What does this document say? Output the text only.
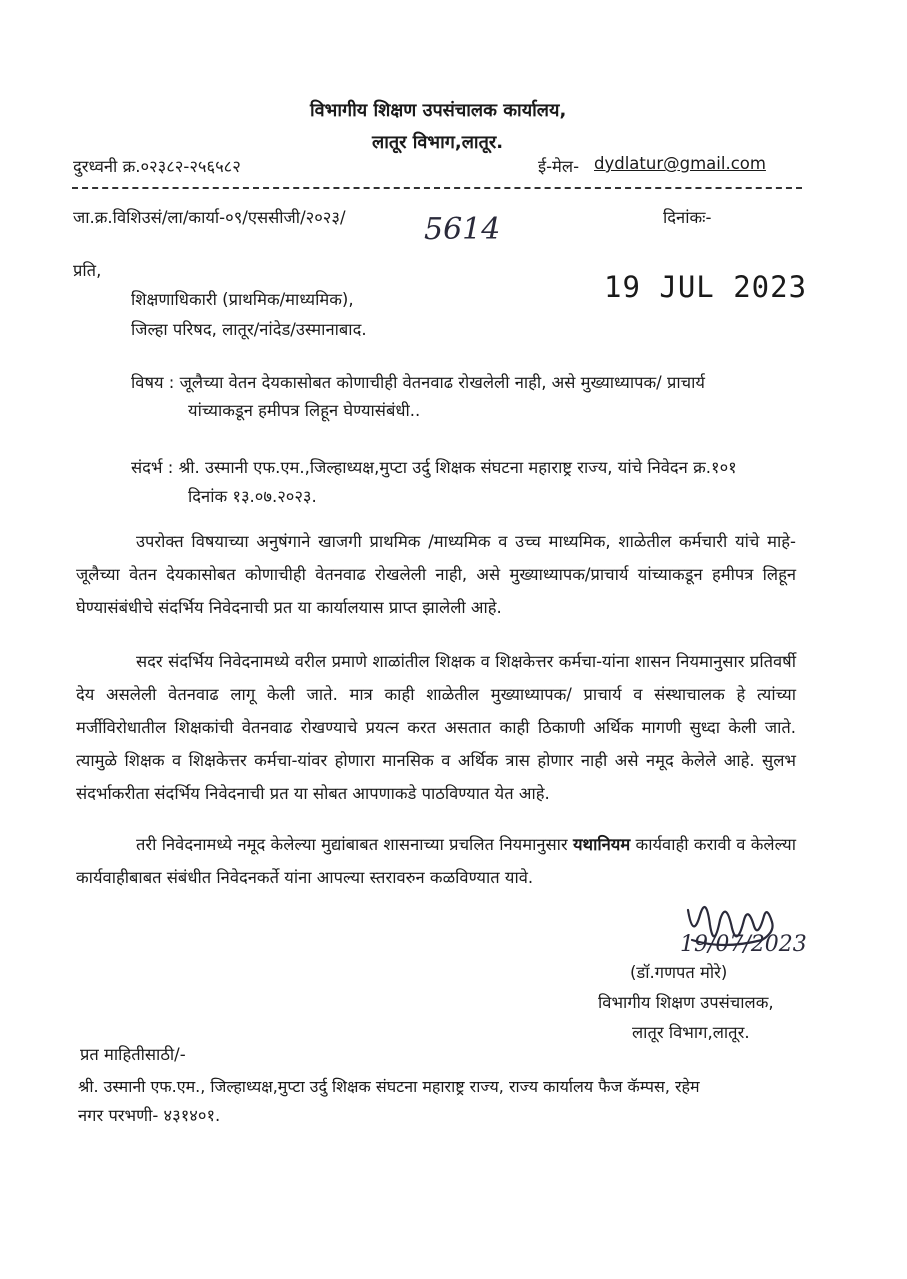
विभागीय शिक्षण उपसंचालक कार्यालय,
लातूर विभाग,लातूर.
दुरध्वनी क्र.०२३८२-२५६५८२	ई-मेल- dydlatur@gmail.com
जा.क्र.विशिउसं/ला/कार्या-०९/एससीजी/२०२३/	5614	दिनांकः-
प्रति,	19 JUL 2023
शिक्षणाधिकारी (प्राथमिक/माध्यमिक),
जिल्हा परिषद, लातूर/नांदेड/उस्मानाबाद.
विषय : जूलैच्या वेतन देयकासोबत कोणाचीही वेतनवाढ रोखलेली नाही, असे मुख्याध्यापक/ प्राचार्य
यांच्याकडून हमीपत्र लिहून घेण्यासंबंधी..
संदर्भ : श्री. उस्मानी एफ.एम.,जिल्हाध्यक्ष,मुप्टा उर्दु शिक्षक संघटना महाराष्ट्र राज्य, यांचे निवेदन क्र.१०१
दिनांक १३.०७.२०२३.
उपरोक्त विषयाच्या अनुषंगाने खाजगी प्राथमिक /माध्यमिक व उच्च माध्यमिक, शाळेतील कर्मचारी यांचे माहे-जूलैच्या वेतन देयकासोबत कोणाचीही वेतनवाढ रोखलेली नाही, असे मुख्याध्यापक/प्राचार्य यांच्याकडून हमीपत्र लिहून घेण्यासंबंधीचे संदर्भिय निवेदनाची प्रत या कार्यालयास प्राप्त झालेली आहे.
सदर संदर्भिय निवेदनामध्ये वरील प्रमाणे शाळांतील शिक्षक व शिक्षकेत्तर कर्मचा-यांना शासन नियमानुसार प्रतिवर्षी देय असलेली वेतनवाढ लागू केली जाते. मात्र काही शाळेतील मुख्याध्यापक/ प्राचार्य व संस्थाचालक हे त्यांच्या मर्जीविरोधातील शिक्षकांची वेतनवाढ रोखण्याचे प्रयत्न करत असतात काही ठिकाणी अर्थिक मागणी सुध्दा केली जाते. त्यामुळे शिक्षक व शिक्षकेत्तर कर्मचा-यांवर होणारा मानसिक व अर्थिक त्रास होणार नाही असे नमूद केलेले आहे. सुलभ संदर्भाकरीता संदर्भिय निवेदनाची प्रत या सोबत आपणाकडे पाठविण्यात येत आहे.
तरी निवेदनामध्ये नमूद केलेल्या मुद्यांबाबत शासनाच्या प्रचलित नियमानुसार यथानियम कार्यवाही करावी व केलेल्या कार्यवाहीबाबत संबंधीत निवेदनकर्ते यांना आपल्या स्तरावरुन कळविण्यात यावे.
19/07/2023
(डॉ.गणपत मोरे)
विभागीय शिक्षण उपसंचालक,
लातूर विभाग,लातूर.
प्रत माहितीसाठी/-
श्री. उस्मानी एफ.एम., जिल्हाध्यक्ष,मुप्टा उर्दु शिक्षक संघटना महाराष्ट्र राज्य, राज्य कार्यालय फैज कॅम्पस, रहेम
नगर परभणी- ४३१४०१.
